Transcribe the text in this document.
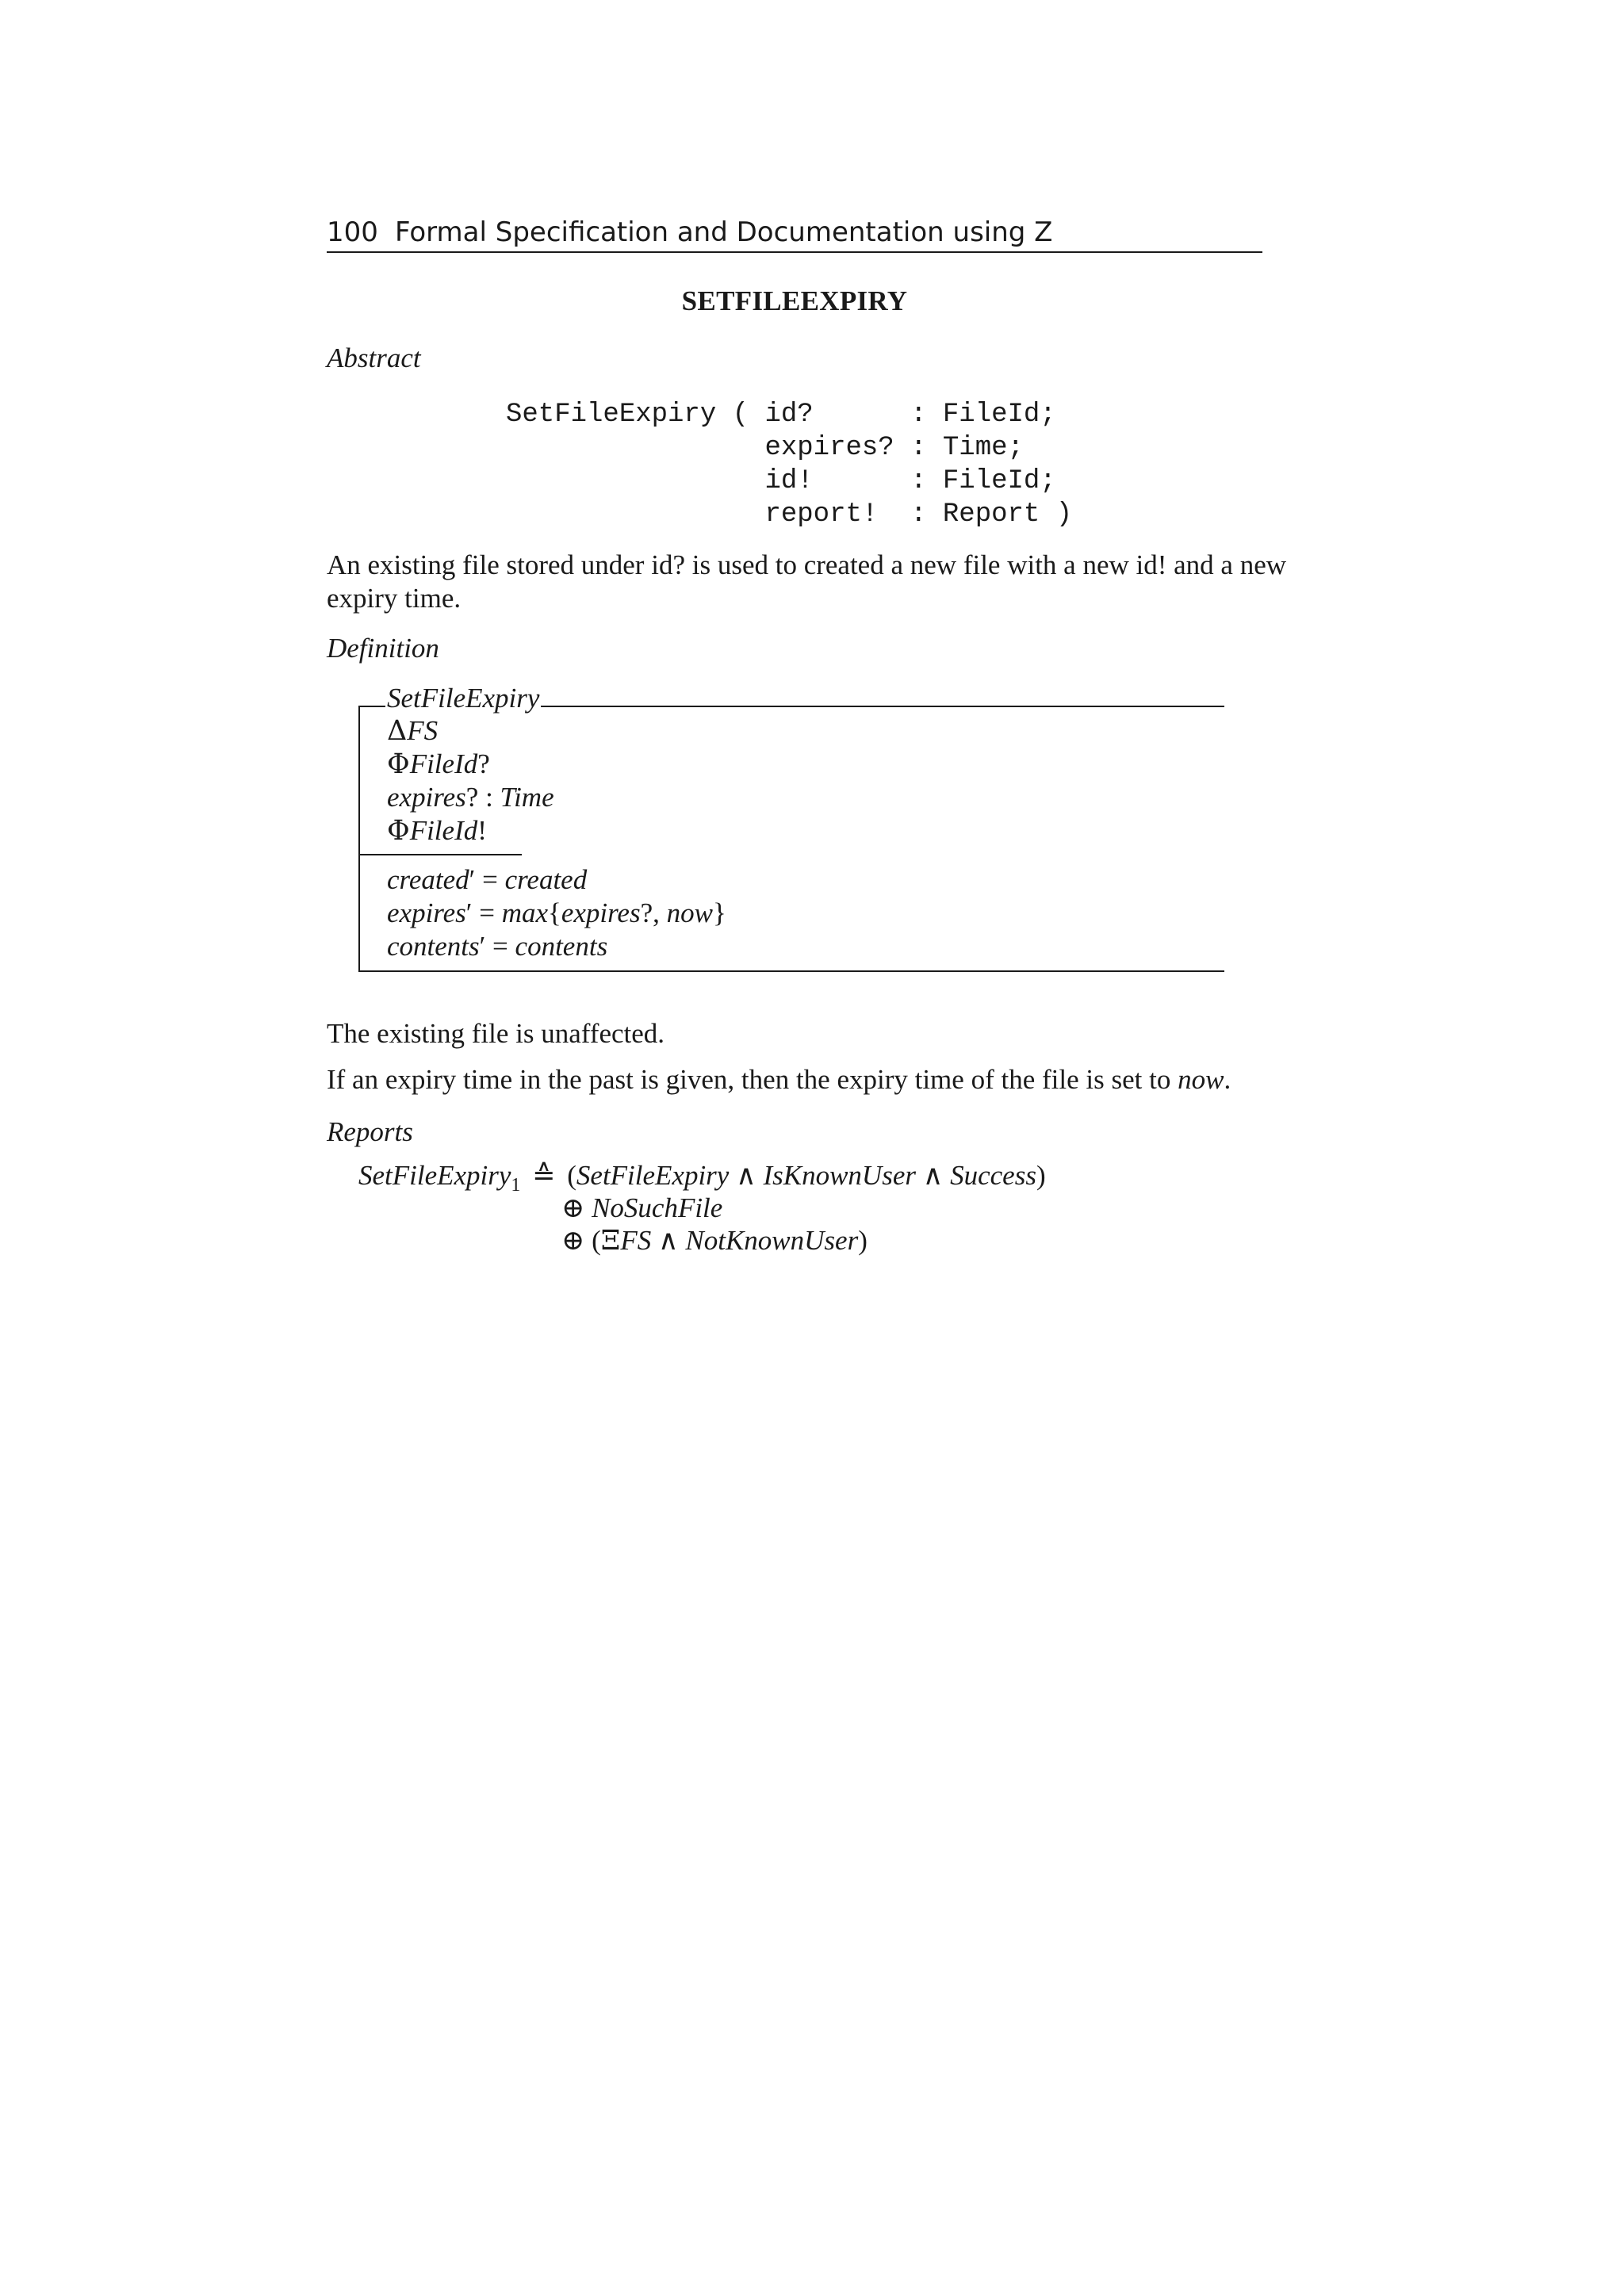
100 Formal Specification and Documentation using Z
SETFILEEXPIRY
Abstract
SetFileExpiry ( id?      : FileId;
expires? : Time;
id!      : FileId;
report!  : Report )
An existing file stored under id? is used to created a new file with a new id! and a new
expiry time.
Definition
SetFileExpiry
ΔFS
ΦFileId?
expires? : Time
ΦFileId!
created′ = created
expires′ = max{expires?, now}
contents′ = contents
The existing file is unaffected.
If an expiry time in the past is given, then the expiry time of the file is set to now.
Reports
SetFileExpiry$_1$ ≙ (SetFileExpiry ∧ IsKnownUser ∧ Success)
⊕ NoSuchFile
⊕ (ΞFS ∧ NotKnownUser)
